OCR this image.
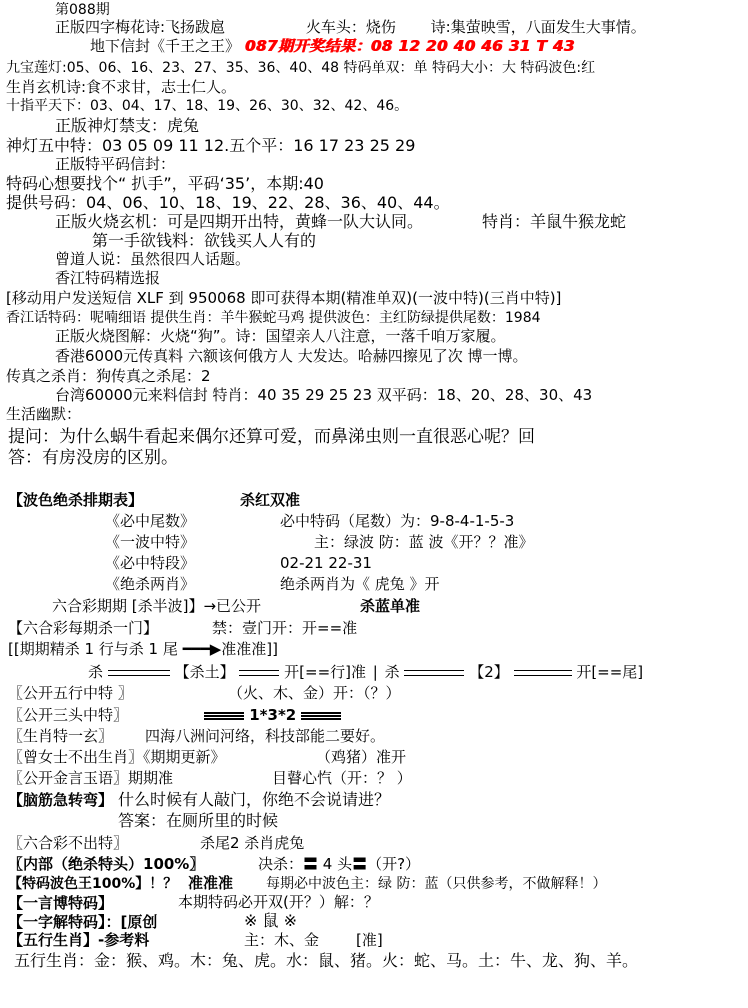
第088期
正版四字梅花诗:飞扬跋扈	火车头：烧伤 诗:集萤映雪，八面发生大事情。
地下信封《千王之王》 087期开奖结果：08 12 20 40 46 31 T 43
九宝莲灯:05、06、16、23、27、35、36、40、48 特码单双：单 特码大小：大 特码波色:红
生肖玄机诗:食不求甘，志士仁人。
十指平天下：03、04、17、18、19、26、30、32、42、46。
正版神灯禁支：虎兔
神灯五中特：03 05 09 11 12.五个平：16 17 23 25 29
正版特平码信封：
特码心想要找个“ 扒手”，平码‘35’，本期:40
提供号码：04、06、10、18、19、22、28、36、40、44。
正版火烧玄机：可是四期开出特，黄蜂一队大认同。	特肖：羊鼠牛猴龙蛇
第一手欲钱料：欲钱买人人有的
曾道人说：虽然很四人话题。
香江特码精选报
[移动用户发送短信 XLF 到 950068 即可获得本期(精准单双)(一波中特)(三肖中特)]
香江话特码：呢喃细语 提供生肖：羊牛猴蛇马鸡 提供波色：主红防绿提供尾数：1984
正版火烧图解：火烧“狗”。诗：国望亲人八注意，一落千咱万家履。
香港6000元传真料 六额该何俄方人 大发达。哈赫四擦见了次 博一博。
传真之杀肖：狗传真之杀尾：2
台湾60000元来料信封 特肖：40 35 29 25 23 双平码：18、20、28、30、43
生活幽默：
提问：为什么蜗牛看起来偶尔还算可爱，而鼻涕虫则一直很恶心呢？回
答：有房没房的区别。
【波色绝杀排期表】	杀红双准
《必中尾数》	必中特码（尾数）为：9-8-4-1-5-3
《一波中特》	主：绿波 防：蓝 波《开？？准》
《必中特段》	02-21 22-31
《绝杀两肖》	绝杀两肖为《 虎兔 》开
六合彩期期 [杀半波]】→已公开	杀蓝单准
【六合彩每期杀一门】	禁：壹门开：开==准
[[期期精杀 1 行与杀 1 尾 ━━━▶准准准]]
杀	【杀土】	开[==行]准 | 杀	【2】	开[==尾]
〖公开五行中特 〗	（火、木、金）开：（？）
〖公开三头中特〗	1*3*2
〖生肖特一玄〗 四海八洲问河络，科技部能二要好。
〖曾女士不出生肖〗《期期更新》	（鸡猪）准开
〖公开金言玉语〗期期准	目瞽心忾（开：？ ）
【脑筋急转弯】 什么时候有人敲门，你绝不会说请进？
答案：在厕所里的时候
〖六合彩不出特〗	杀尾2 杀肖虎兔
〖内部（绝杀特头）100%〗	决杀：〓 4 头〓（开?）
【特码波色王100%】！？ 准准准 每期必中波色主：绿 防：蓝（只供参考，不做解释！）
【一言博特码】	本期特码必开双(开？）解：？
【一字解特码】：[原创	※ 鼠 ※
【五行生肖】-参考料	主：木、金 [准]
五行生肖：金：猴、鸡。木：兔、虎。水：鼠、猪。火：蛇、马。土：牛、龙、狗、羊。
